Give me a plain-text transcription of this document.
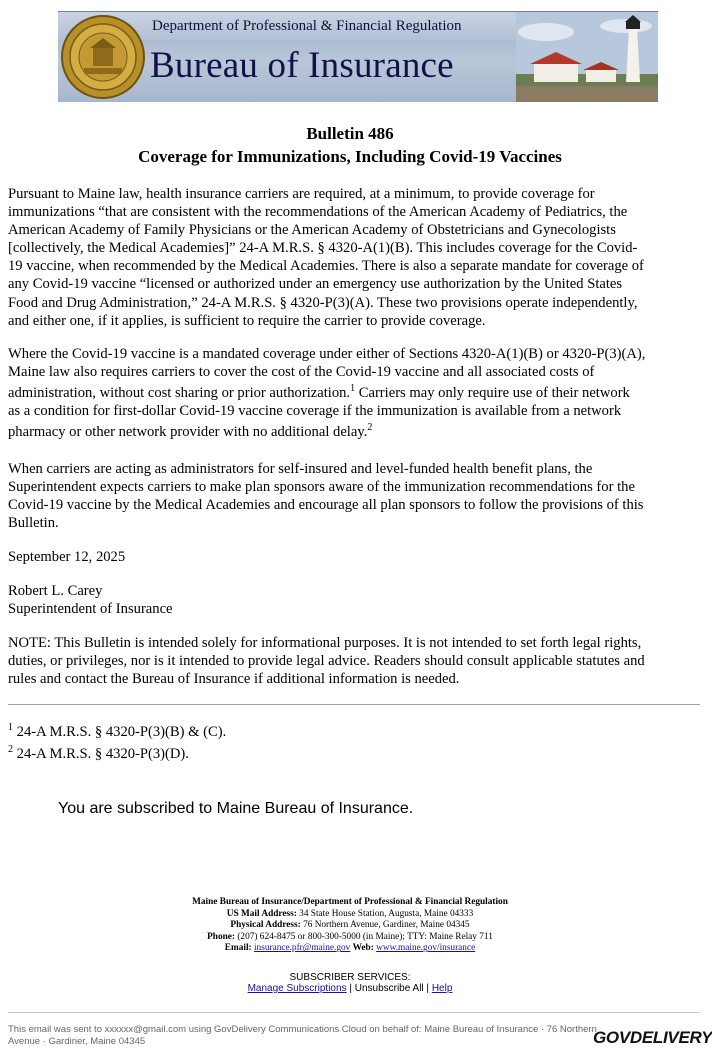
Department of Professional & Financial Regulation
Bureau of Insurance
Bulletin 486
Coverage for Immunizations, Including Covid-19 Vaccines
Pursuant to Maine law, health insurance carriers are required, at a minimum, to provide coverage for
immunizations “that are consistent with the recommendations of the American Academy of Pediatrics, the
American Academy of Family Physicians or the American Academy of Obstetricians and Gynecologists
[collectively, the Medical Academies]” 24-A M.R.S. § 4320-A(1)(B). This includes coverage for the Covid-
19 vaccine, when recommended by the Medical Academies. There is also a separate mandate for coverage of
any Covid-19 vaccine “licensed or authorized under an emergency use authorization by the United States
Food and Drug Administration,” 24-A M.R.S. § 4320-P(3)(A). These two provisions operate independently,
and either one, if it applies, is sufficient to require the carrier to provide coverage.
Where the Covid-19 vaccine is a mandated coverage under either of Sections 4320-A(1)(B) or 4320-P(3)(A),
Maine law also requires carriers to cover the cost of the Covid-19 vaccine and all associated costs of
administration, without cost sharing or prior authorization.$^1$ Carriers may only require use of their network
as a condition for first-dollar Covid-19 vaccine coverage if the immunization is available from a network
pharmacy or other network provider with no additional delay.$^2$
When carriers are acting as administrators for self-insured and level-funded health benefit plans, the
Superintendent expects carriers to make plan sponsors aware of the immunization recommendations for the
Covid-19 vaccine by the Medical Academies and encourage all plan sponsors to follow the provisions of this
Bulletin.
September 12, 2025
Robert L. Carey
Superintendent of Insurance
NOTE: This Bulletin is intended solely for informational purposes. It is not intended to set forth legal rights,
duties, or privileges, nor is it intended to provide legal advice. Readers should consult applicable statutes and
rules and contact the Bureau of Insurance if additional information is needed.
$^1$ 24-A M.R.S. § 4320-P(3)(B) & (C).
$^2$ 24-A M.R.S. § 4320-P(3)(D).
You are subscribed to Maine Bureau of Insurance.
Maine Bureau of Insurance/Department of Professional & Financial Regulation
US Mail Address: 34 State House Station, Augusta, Maine 04333
Physical Address: 76 Northern Avenue, Gardiner, Maine 04345
Phone: (207) 624-8475 or 800-300-5000 (in Maine); TTY: Maine Relay 711
Email: insurance.pfr@maine.gov Web: www.maine.gov/insurance
SUBSCRIBER SERVICES:
Manage Subscriptions | Unsubscribe All | Help
This email was sent to xxxxxx@gmail.com using GovDelivery Communications Cloud on behalf of: Maine Bureau of Insurance · 76 Northern Avenue · Gardiner, Maine 04345	GOVDELIVERY
